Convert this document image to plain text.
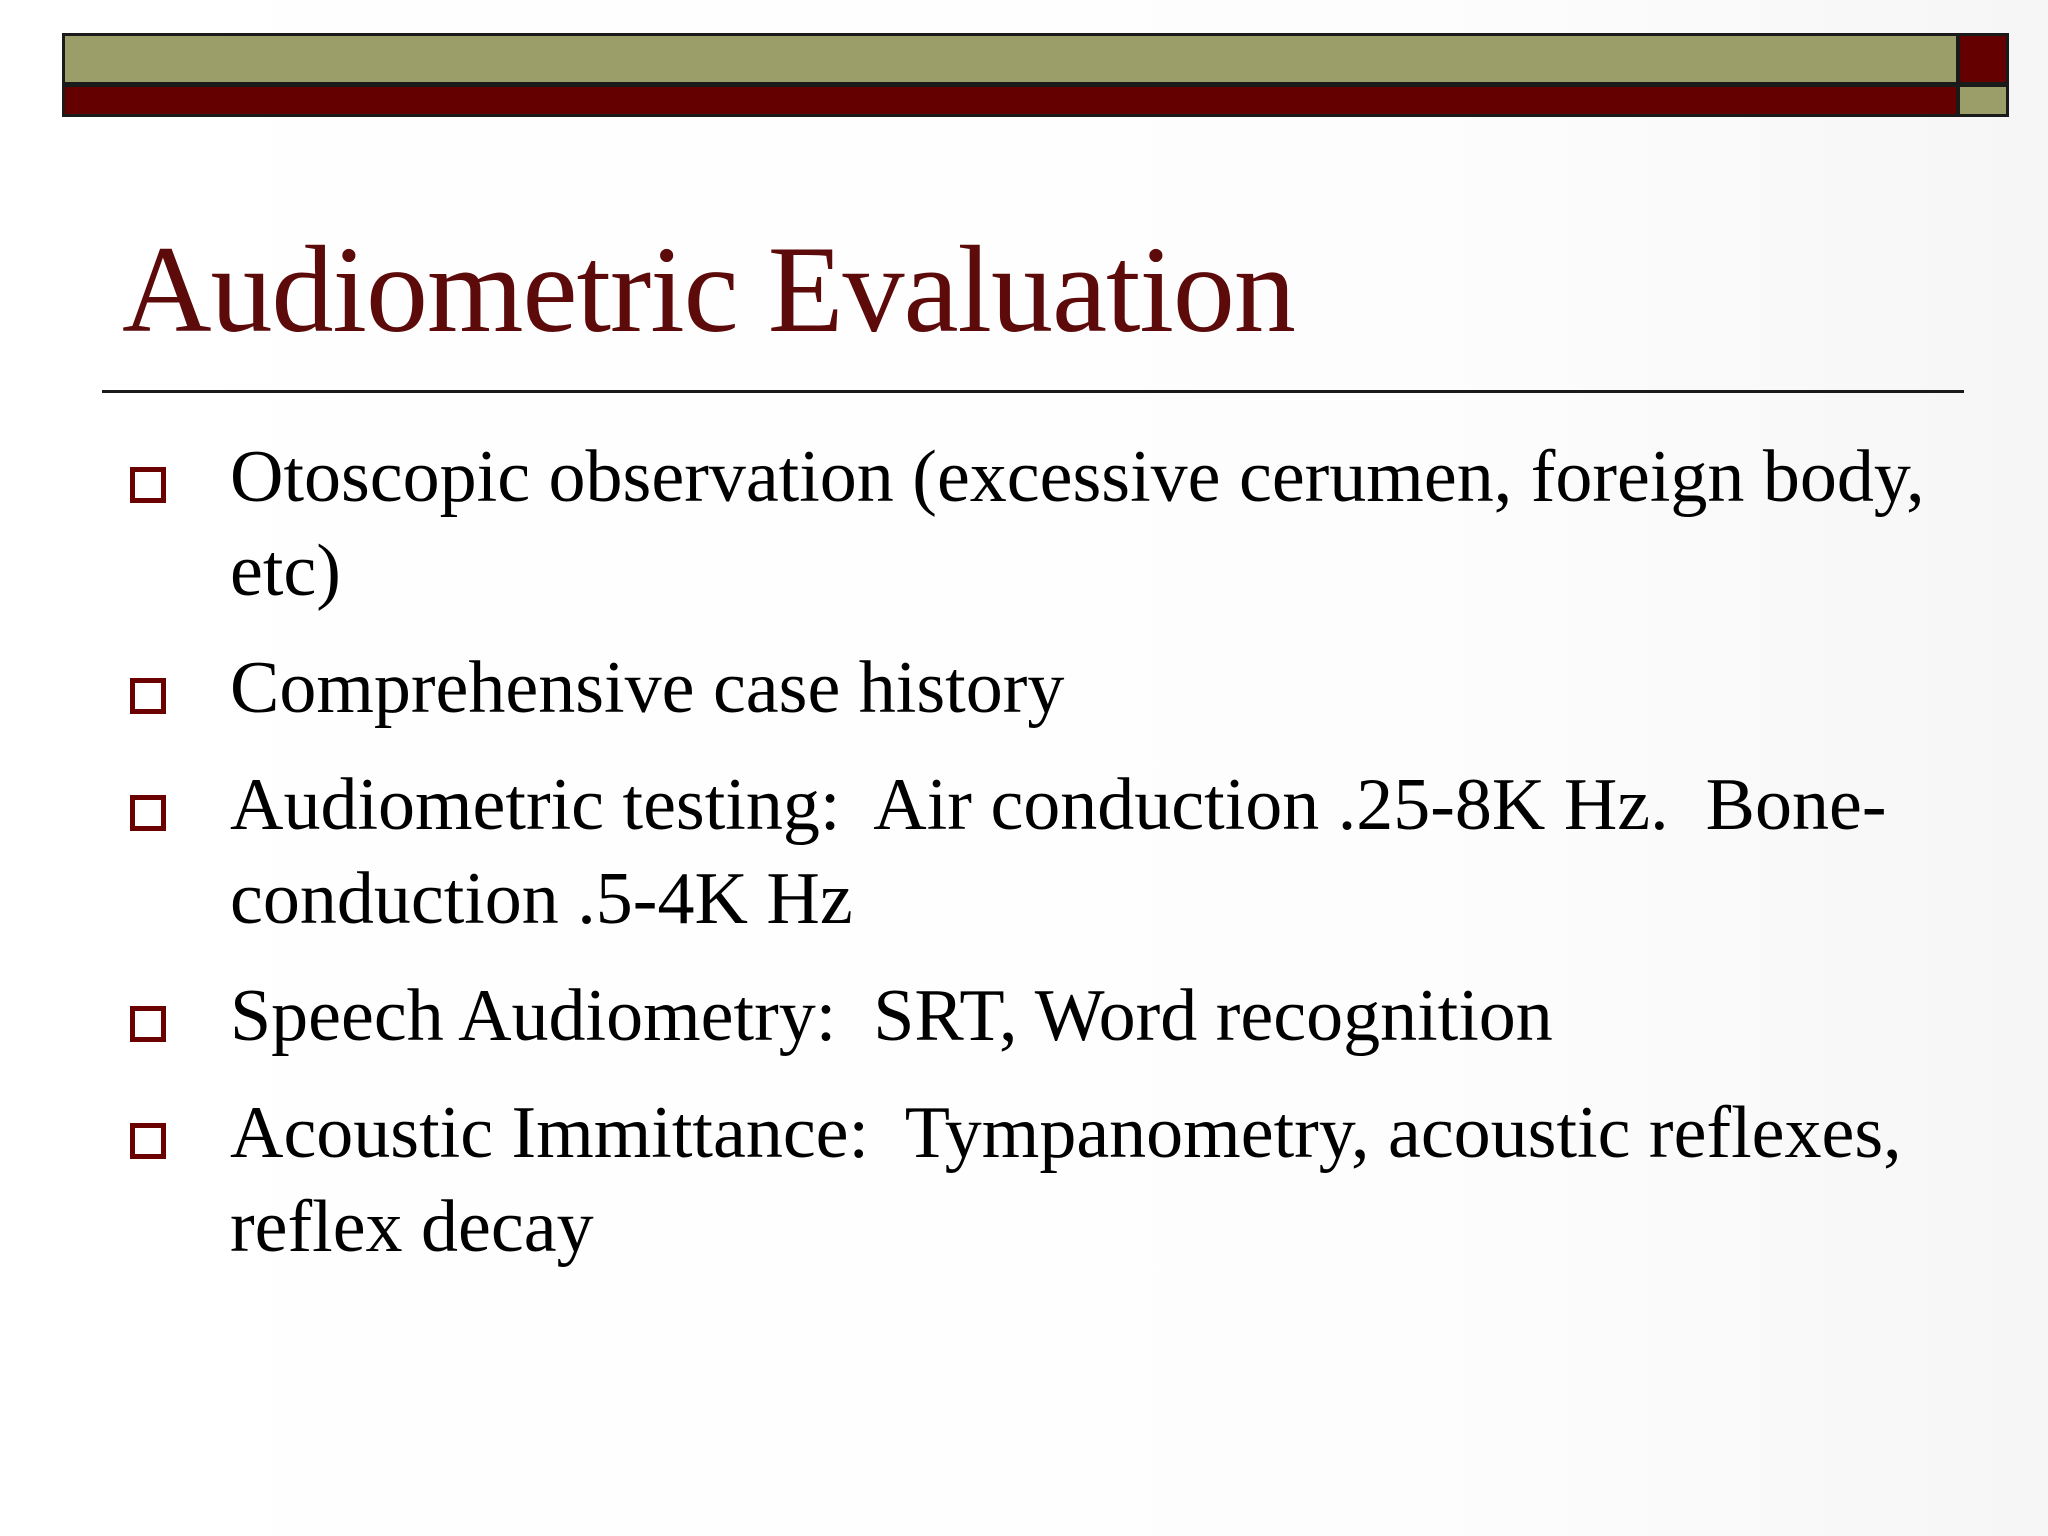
Audiometric Evaluation
Otoscopic observation (excessive cerumen, foreign body, etc)
Comprehensive case history
Audiometric testing:  Air conduction .25-8K Hz.  Bone-conduction .5-4K Hz
Speech Audiometry:  SRT, Word recognition
Acoustic Immittance:  Tympanometry, acoustic reflexes, reflex decay
